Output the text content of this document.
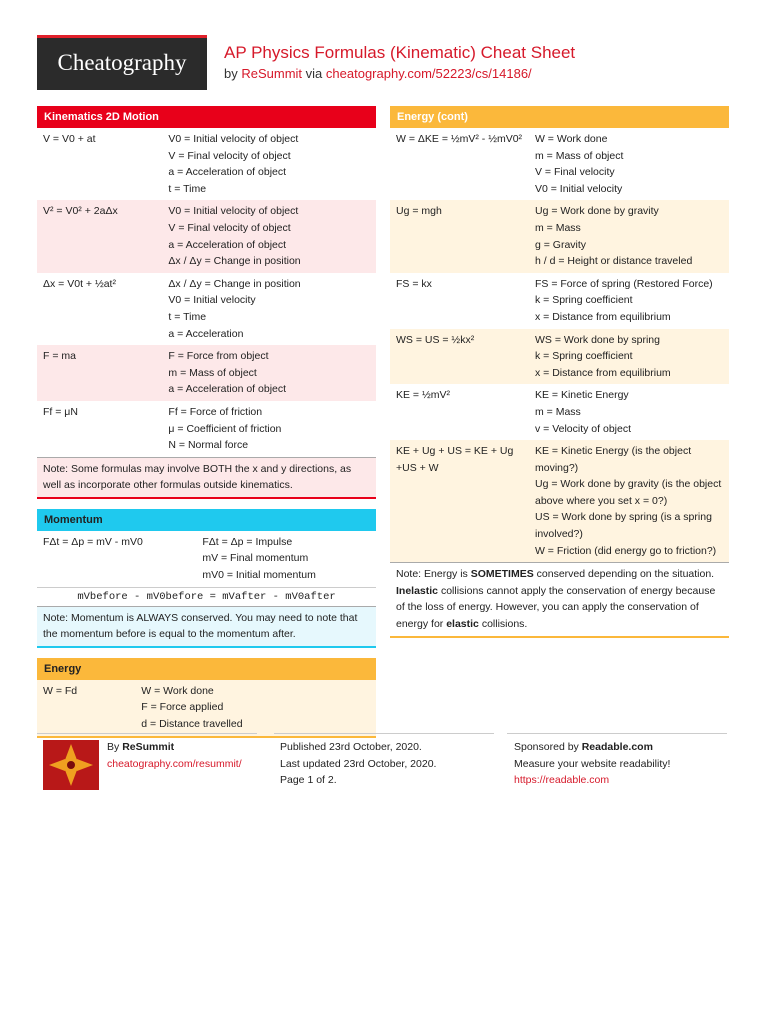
Cheatography AP Physics Formulas (Kinematic) Cheat Sheet
by ReSummit via cheatography.com/52223/cs/14186/
Kinematics 2D Motion
V = V0 + at	V0 = Initial velocity of object
V = Final velocity of object
a = Acceleration of object
t = Time

V² = V0² + 2aΔx	V0 = Initial velocity of object
V = Final velocity of object
a = Acceleration of object
Δx / Δy = Change in position

Δx = V0t + ½at²	Δx / Δy = Change in position
V0 = Initial velocity
t = Time
a = Acceleration

F = ma	F = Force from object
m = Mass of object
a = Acceleration of object

Ff = μN	Ff = Force of friction
μ = Coefficient of friction
N = Normal force
Note: Some formulas may involve BOTH the x and y directions, as well as incorporate other formulas outside kinematics.
Momentum
FΔt = Δp = mV - mV0	FΔt = Δp = Impulse
mV = Final momentum
mV0 = Initial momentum
mVbefore - mV0before = mVafter - mV0after
Note: Momentum is ALWAYS conserved. You may need to note that the momentum before is equal to the momentum after.
Energy
W = Fd	W = Work done
F = Force applied
d = Distance travelled
Energy (cont)
W = ΔKE = ½mV² - ½mV0²	W = Work done
m = Mass of object
V = Final velocity
V0 = Initial velocity

Ug = mgh	Ug = Work done by gravity
m = Mass
g = Gravity
h / d = Height or distance traveled

FS = kx	FS = Force of spring (Restored Force)
k = Spring coefficient
x = Distance from equilibrium

WS = US = ½kx²	WS = Work done by spring
k = Spring coefficient
x = Distance from equilibrium

KE = ½mV²	KE = Kinetic Energy
m = Mass
v = Velocity of object

KE + Ug + US = KE + Ug +US + W	KE = Kinetic Energy (is the object moving?)
Ug = Work done by gravity (is the object above where you set x = 0?)
US = Work done by spring (is a spring involved?)
W = Friction (did energy go to friction?)
Note: Energy is SOMETIMES conserved depending on the situation. Inelastic collisions cannot apply the conservation of energy because of the loss of energy. However, you can apply the conservation of energy for elastic collisions.
By ReSummit
cheatography.com/resummit/
Published 23rd October, 2020.
Last updated 23rd October, 2020.
Page 1 of 2.
Sponsored by Readable.com
Measure your website readability!
https://readable.com
